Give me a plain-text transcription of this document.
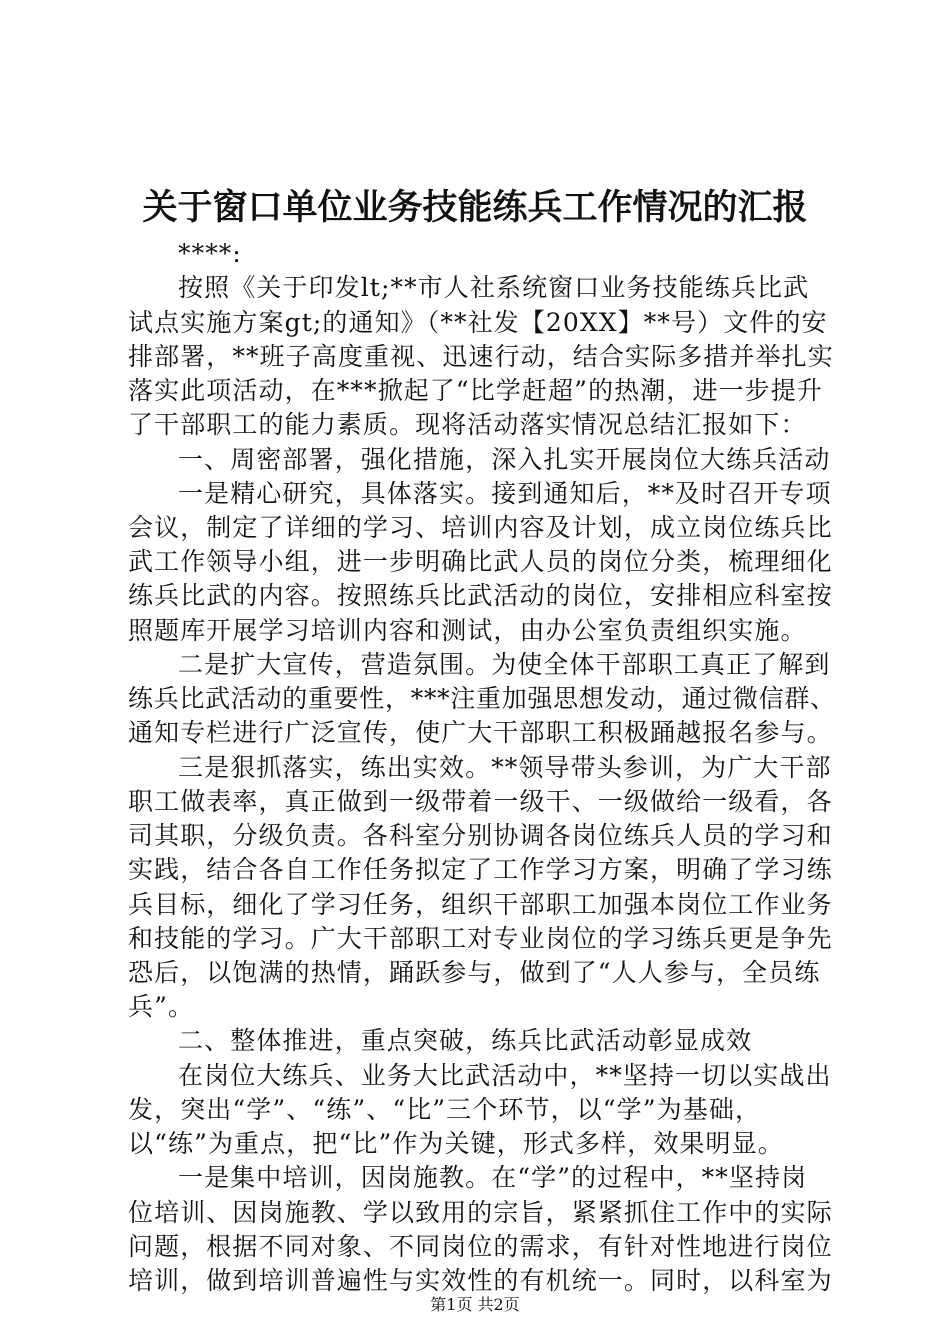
关于窗口单位业务技能练兵工作情况的汇报
****:
按照《关于印发lt;**市人社系统窗口业务技能练兵比武
试点实施方案gt;的通知》（**社发【20XX】**号）文件的安
排部署，**班子高度重视、迅速行动，结合实际多措并举扎实
落实此项活动，在***掀起了“比学赶超”的热潮，进一步提升
了干部职工的能力素质。现将活动落实情况总结汇报如下：
一、周密部署，强化措施，深入扎实开展岗位大练兵活动
一是精心研究，具体落实。接到通知后，**及时召开专项
会议，制定了详细的学习、培训内容及计划，成立岗位练兵比
武工作领导小组，进一步明确比武人员的岗位分类，梳理细化
练兵比武的内容。按照练兵比武活动的岗位，安排相应科室按
照题库开展学习培训内容和测试，由办公室负责组织实施。
二是扩大宣传，营造氛围。为使全体干部职工真正了解到
练兵比武活动的重要性，***注重加强思想发动，通过微信群、
通知专栏进行广泛宣传，使广大干部职工积极踊越报名参与。
三是狠抓落实，练出实效。**领导带头参训，为广大干部
职工做表率，真正做到一级带着一级干、一级做给一级看，各
司其职，分级负责。各科室分别协调各岗位练兵人员的学习和
实践，结合各自工作任务拟定了工作学习方案，明确了学习练
兵目标，细化了学习任务，组织干部职工加强本岗位工作业务
和技能的学习。广大干部职工对专业岗位的学习练兵更是争先
恐后，以饱满的热情，踊跃参与，做到了“人人参与，全员练
兵”。
二、整体推进，重点突破，练兵比武活动彰显成效
在岗位大练兵、业务大比武活动中，**坚持一切以实战出
发，突出“学”、“练”、“比”三个环节，以“学”为基础，
以“练”为重点，把“比”作为关键，形式多样，效果明显。
一是集中培训，因岗施教。在“学”的过程中，**坚持岗
位培训、因岗施教、学以致用的宗旨，紧紧抓住工作中的实际
问题，根据不同对象、不同岗位的需求，有针对性地进行岗位
培训，做到培训普遍性与实效性的有机统一。同时，以科室为
第1页 共2页
